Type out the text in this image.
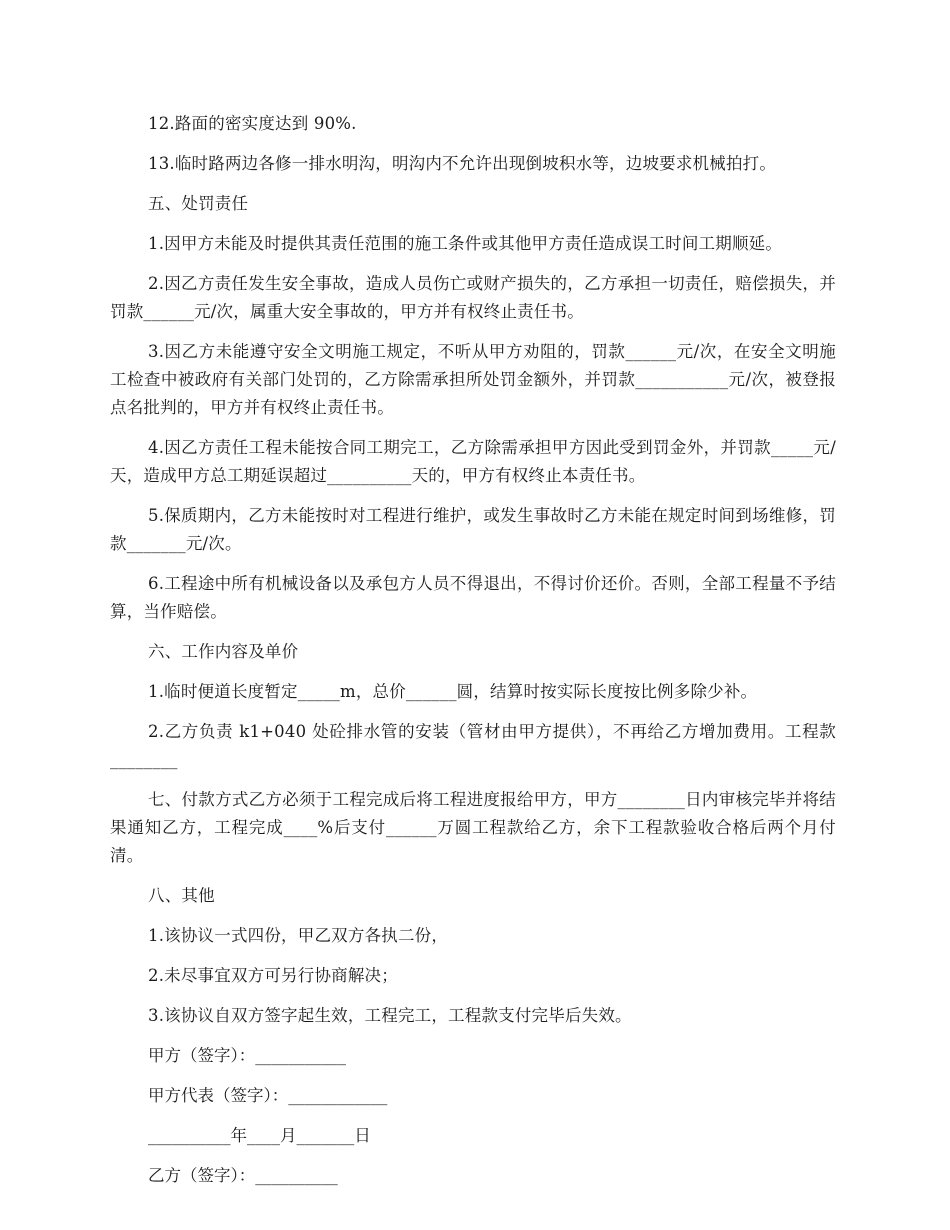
12.路面的密实度达到 90%.

13.临时路两边各修一排水明沟，明沟内不允许出现倒坡积水等，边坡要求机械拍打。

五、处罚责任

1.因甲方未能及时提供其责任范围的施工条件或其他甲方责任造成误工时间工期顺延。

2.因乙方责任发生安全事故，造成人员伤亡或财产损失的，乙方承担一切责任，赔偿损失，并罚款______元/次，属重大安全事故的，甲方并有权终止责任书。

3.因乙方未能遵守安全文明施工规定，不听从甲方劝阻的，罚款______元/次，在安全文明施工检查中被政府有关部门处罚的，乙方除需承担所处罚金额外，并罚款___________元/次，被登报点名批判的，甲方并有权终止责任书。

4.因乙方责任工程未能按合同工期完工，乙方除需承担甲方因此受到罚金外，并罚款_____元/天，造成甲方总工期延误超过__________天的，甲方有权终止本责任书。

5.保质期内，乙方未能按时对工程进行维护，或发生事故时乙方未能在规定时间到场维修，罚款_______元/次。

6.工程途中所有机械设备以及承包方人员不得退出，不得讨价还价。否则，全部工程量不予结算，当作赔偿。

六、工作内容及单价

1.临时便道长度暂定_____m，总价______圆，结算时按实际长度按比例多除少补。

2.乙方负责 k1+040 处砼排水管的安装（管材由甲方提供），不再给乙方增加费用。工程款________

七、付款方式乙方必须于工程完成后将工程进度报给甲方，甲方________日内审核完毕并将结果通知乙方，工程完成____%后支付______万圆工程款给乙方，余下工程款验收合格后两个月付清。

八、其他

1.该协议一式四份，甲乙双方各执二份，

2.未尽事宜双方可另行协商解决；

3.该协议自双方签字起生效，工程完工，工程款支付完毕后失效。

甲方（签字）：___________

甲方代表（签字）：____________

__________年____月_______日

乙方（签字）：__________
